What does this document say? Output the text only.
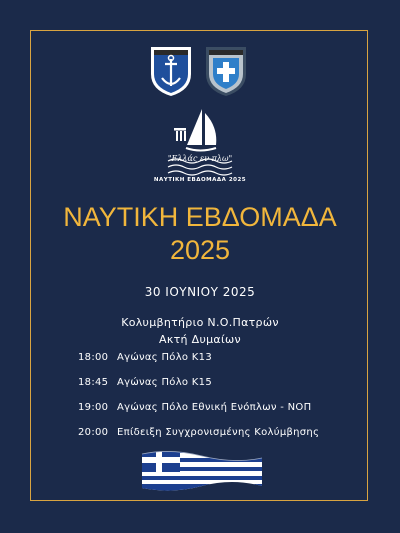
"Ελλάς εν πλω"
ΝΑΥΤΙΚΗ ΕΒΔΟΜΑΔΑ 2025
ΝΑΥΤΙΚΗ ΕΒΔΟΜΑΔΑ
2025
30 ΙΟΥΝΙΟΥ 2025
Κολυμβητήριο Ν.Ο.Πατρών
Ακτή Δυμαίων
18:00 Αγώνας Πόλο Κ13
18:45 Αγώνας Πόλο Κ15
19:00 Αγώνας Πόλο Εθνική Ενόπλων - ΝΟΠ
20:00 Επίδειξη Συγχρονισμένης Κολύμβησης
